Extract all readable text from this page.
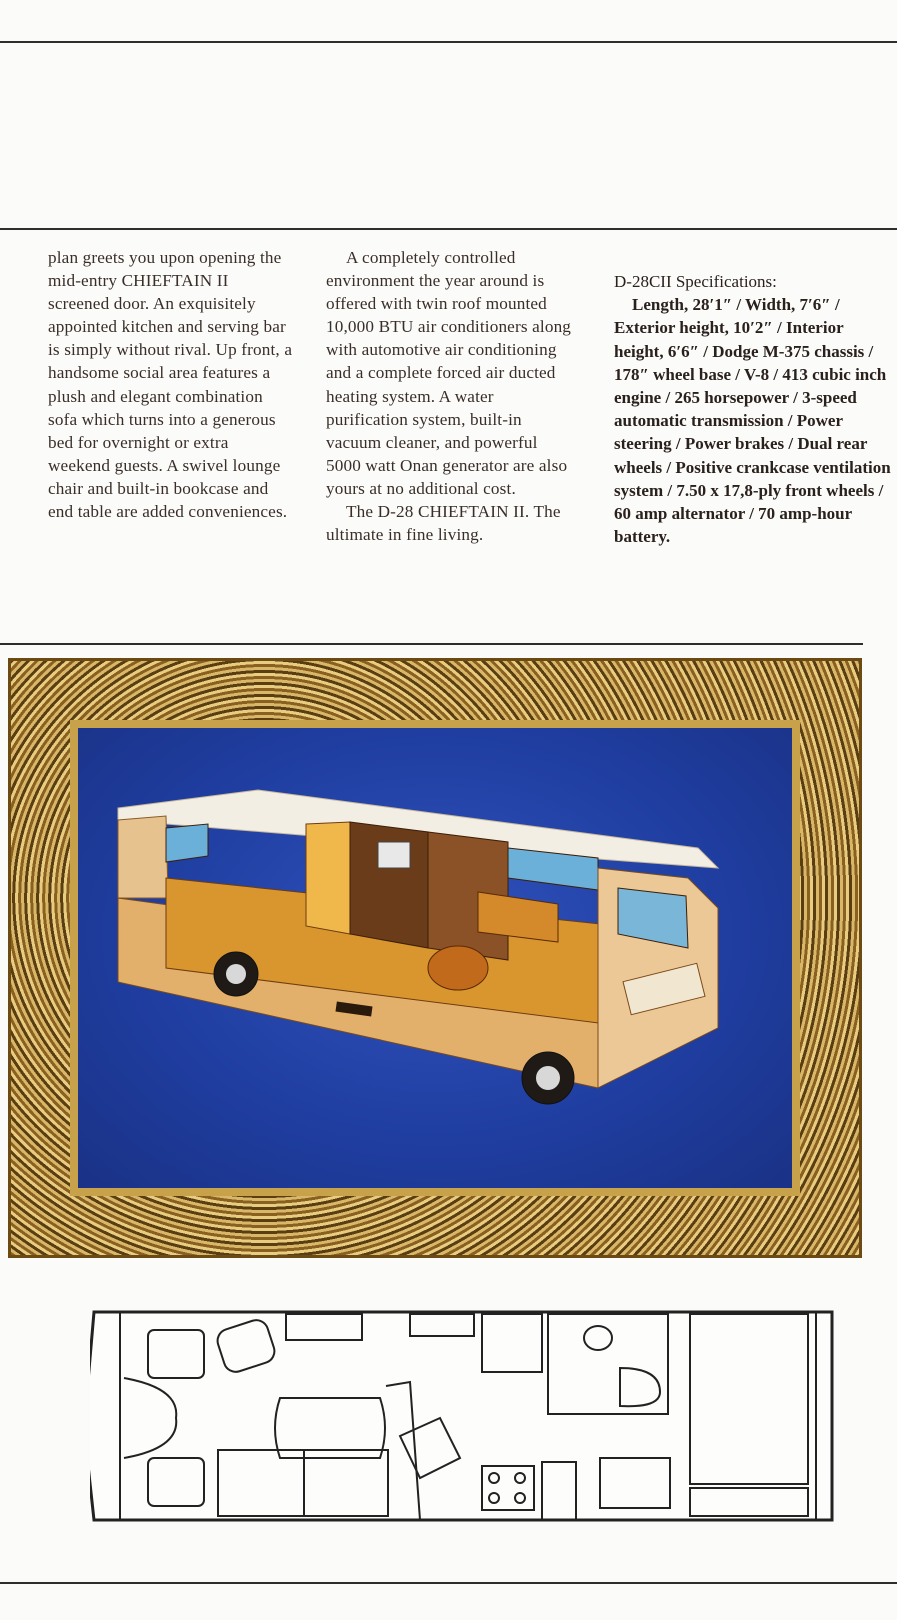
plan greets you upon opening the mid-entry CHIEFTAIN II screened door. An exquisitely appointed kitchen and serving bar is simply without rival. Up front, a handsome social area features a plush and elegant combination sofa which turns into a generous bed for overnight or extra weekend guests. A swivel lounge chair and built-in bookcase and end table are added conveniences.

A completely controlled environment the year around is offered with twin roof mounted 10,000 BTU air conditioners along with automotive air conditioning and a complete forced air ducted heating system. A water purification system, built-in vacuum cleaner, and powerful 5000 watt Onan generator are also yours at no additional cost.

The D-28 CHIEFTAIN II. The ultimate in fine living.

D-28CII Specifications:
Length, 28′1″ / Width, 7′6″ / Exterior height, 10′2″ / Interior height, 6′6″ / Dodge M-375 chassis / 178″ wheel base / V-8 / 413 cubic inch engine / 265 horsepower / 3-speed automatic transmission / Power steering / Power brakes / Dual rear wheels / Positive crankcase ventilation system / 7.50 x 17,8-ply front wheels / 60 amp alternator / 70 amp-hour battery.
